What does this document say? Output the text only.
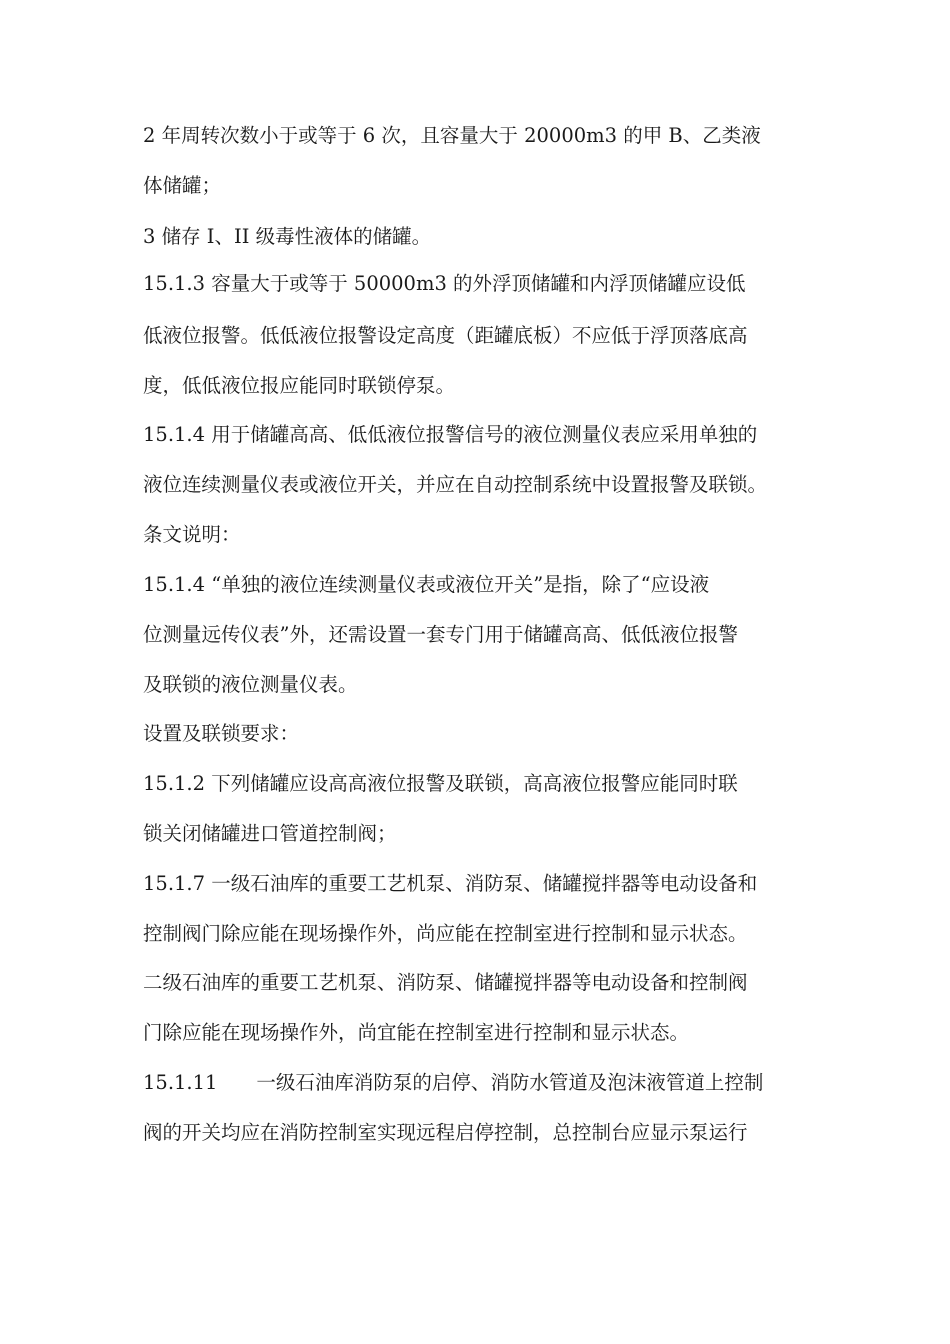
2 年周转次数小于或等于 6 次，且容量大于 20000m3 的甲 B、乙类液
体储罐；
3 储存 I、II 级毒性液体的储罐。
15.1.3 容量大于或等于 50000m3 的外浮顶储罐和内浮顶储罐应设低
低液位报警。低低液位报警设定高度（距罐底板）不应低于浮顶落底高
度，低低液位报应能同时联锁停泵。
15.1.4 用于储罐高高、低低液位报警信号的液位测量仪表应采用单独的
液位连续测量仪表或液位开关，并应在自动控制系统中设置报警及联锁。
条文说明：
15.1.4 “单独的液位连续测量仪表或液位开关”是指，除了“应设液
位测量远传仪表”外，还需设置一套专门用于储罐高高、低低液位报警
及联锁的液位测量仪表。
设置及联锁要求：
15.1.2 下列储罐应设高高液位报警及联锁，高高液位报警应能同时联
锁关闭储罐进口管道控制阀；
15.1.7 一级石油库的重要工艺机泵、消防泵、储罐搅拌器等电动设备和
控制阀门除应能在现场操作外，尚应能在控制室进行控制和显示状态。
二级石油库的重要工艺机泵、消防泵、储罐搅拌器等电动设备和控制阀
门除应能在现场操作外，尚宜能在控制室进行控制和显示状态。
15.1.11　　一级石油库消防泵的启停、消防水管道及泡沫液管道上控制
阀的开关均应在消防控制室实现远程启停控制，总控制台应显示泵运行
